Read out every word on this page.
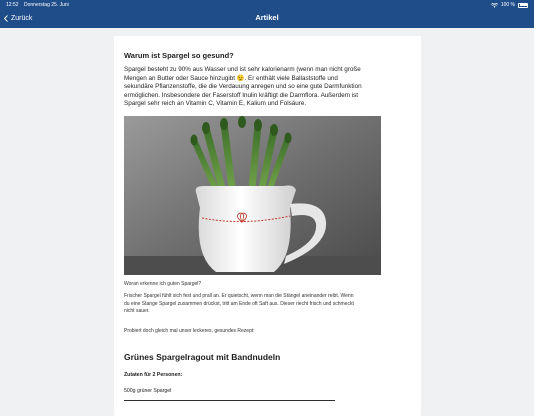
12:52 Donnerstag 25. Juni	100 %
Zurück	Artikel
Warum ist Spargel so gesund?

Spargel besteht zu 90% aus Wasser und ist sehr kalorienarm (wenn man nicht große
Mengen an Butter oder Sauce hinzugibt 😉. Er enthält viele Ballaststoffe und
sekundäre Pflanzenstoffe, die die Verdauung anregen und so eine gute Darmfunktion
ermöglichen. Insbesondere der Faserstoff Inulin kräftigt die Darmflora. Außerdem ist
Spargel sehr reich an Vitamin C, Vitamin E, Kalium und Folsäure.

Woran erkenne ich guten Spargel?

Frischer Spargel fühlt sich fest und prall an. Er quietscht, wenn man die Stängel aneinander reibt. Wenn
du eine Stange Spargel zusammen drückst, tritt am Ende oft Saft aus. Dieser riecht frisch und schmeckt
nicht sauer.

Probiert doch gleich mal unser leckeres, gesundes Rezept:

Grünes Spargelragout mit Bandnudeln
Zutaten für 2 Personen:
500g grüner Spargel
